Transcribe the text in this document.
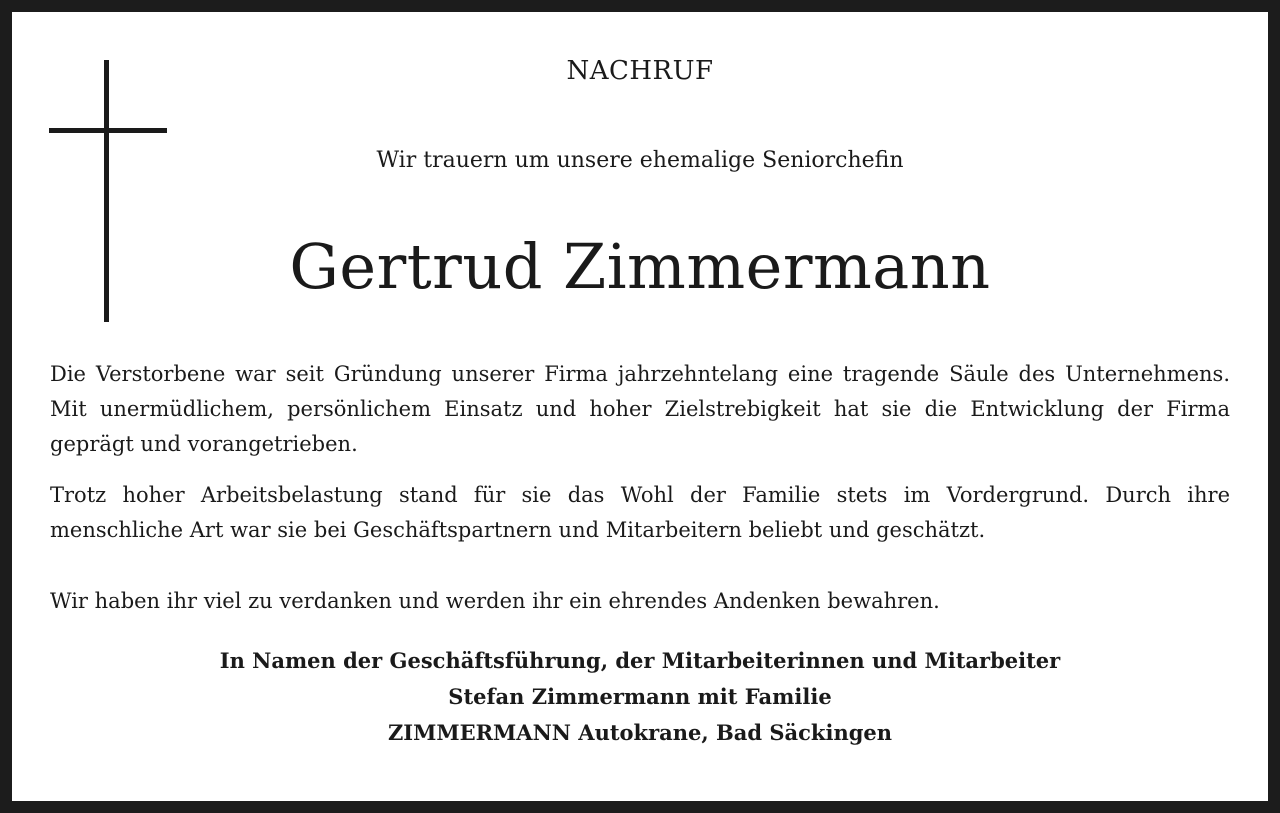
NACHRUF
Wir trauern um unsere ehemalige Seniorchefin
Gertrud Zimmermann
Die Verstorbene war seit Gründung unserer Firma jahrzehntelang eine tragende Säule des Unternehmens. Mit unermüdlichem, persönlichem Einsatz und hoher Zielstrebigkeit hat sie die Entwicklung der Firma geprägt und vorangetrieben.
Trotz hoher Arbeitsbelastung stand für sie das Wohl der Familie stets im Vordergrund. Durch ihre menschliche Art war sie bei Geschäftspartnern und Mitarbeitern beliebt und geschätzt.
Wir haben ihr viel zu verdanken und werden ihr ein ehrendes Andenken bewahren.
In Namen der Geschäftsführung, der Mitarbeiterinnen und Mitarbeiter
Stefan Zimmermann mit Familie
ZIMMERMANN Autokrane, Bad Säckingen
